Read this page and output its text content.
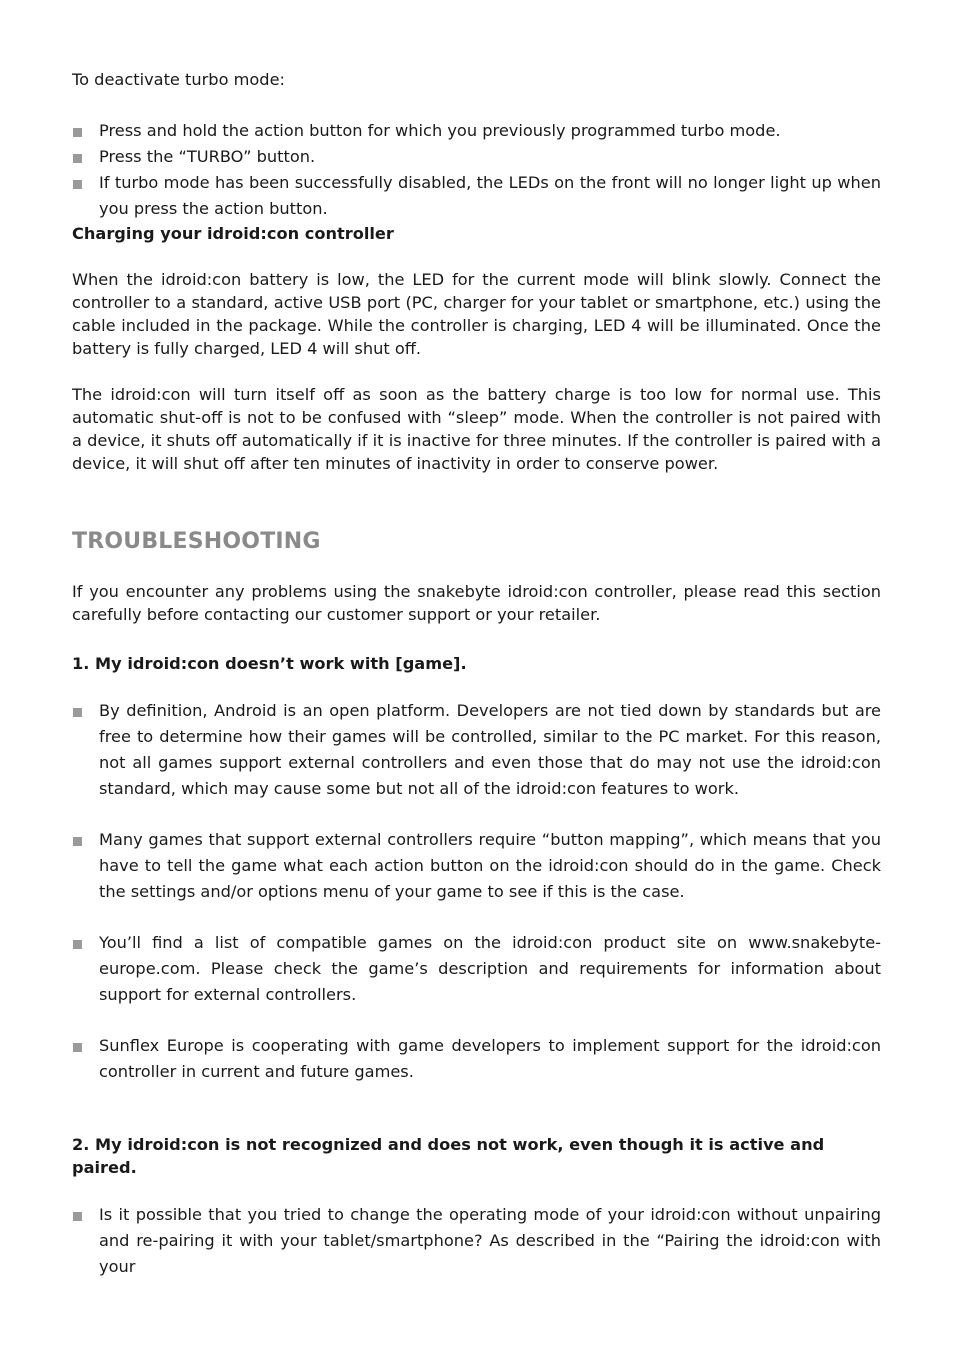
To deactivate turbo mode:

Press and hold the action button for which you previously programmed turbo mode.
Press the “TURBO” button.
If turbo mode has been successfully disabled, the LEDs on the front will no longer light up when you press the action button.
Charging your idroid:con controller

When the idroid:con battery is low, the LED for the current mode will blink slowly. Connect the controller to a standard, active USB port (PC, charger for your tablet or smartphone, etc.) using the cable included in the package. While the controller is charging, LED 4 will be illuminated. Once the battery is fully charged, LED 4 will shut off.

The idroid:con will turn itself off as soon as the battery charge is too low for normal use. This automatic shut-off is not to be confused with “sleep” mode. When the controller is not paired with a device, it shuts off automatically if it is inactive for three minutes. If the controller is paired with a device, it will shut off after ten minutes of inactivity in order to conserve power.

TROUBLESHOOTING

If you encounter any problems using the snakebyte idroid:con controller, please read this section carefully before contacting our customer support or your retailer.

1. My idroid:con doesn’t work with [game].
By definition, Android is an open platform. Developers are not tied down by standards but are free to determine how their games will be controlled, similar to the PC market. For this reason, not all games support external controllers and even those that do may not use the idroid:con standard, which may cause some but not all of the idroid:con features to work.
Many games that support external controllers require “button mapping”, which means that you have to tell the game what each action button on the idroid:con should do in the game. Check the settings and/or options menu of your game to see if this is the case.
You’ll find a list of compatible games on the idroid:con product site on www.snakebyte-europe.com. Please check the game’s description and requirements for information about support for external controllers.
Sunflex Europe is cooperating with game developers to implement support for the idroid:con controller in current and future games.
2. My idroid:con is not recognized and does not work, even though it is active and paired.
Is it possible that you tried to change the operating mode of your idroid:con without unpairing and re-pairing it with your tablet/smartphone? As described in the “Pairing the idroid:con with your
